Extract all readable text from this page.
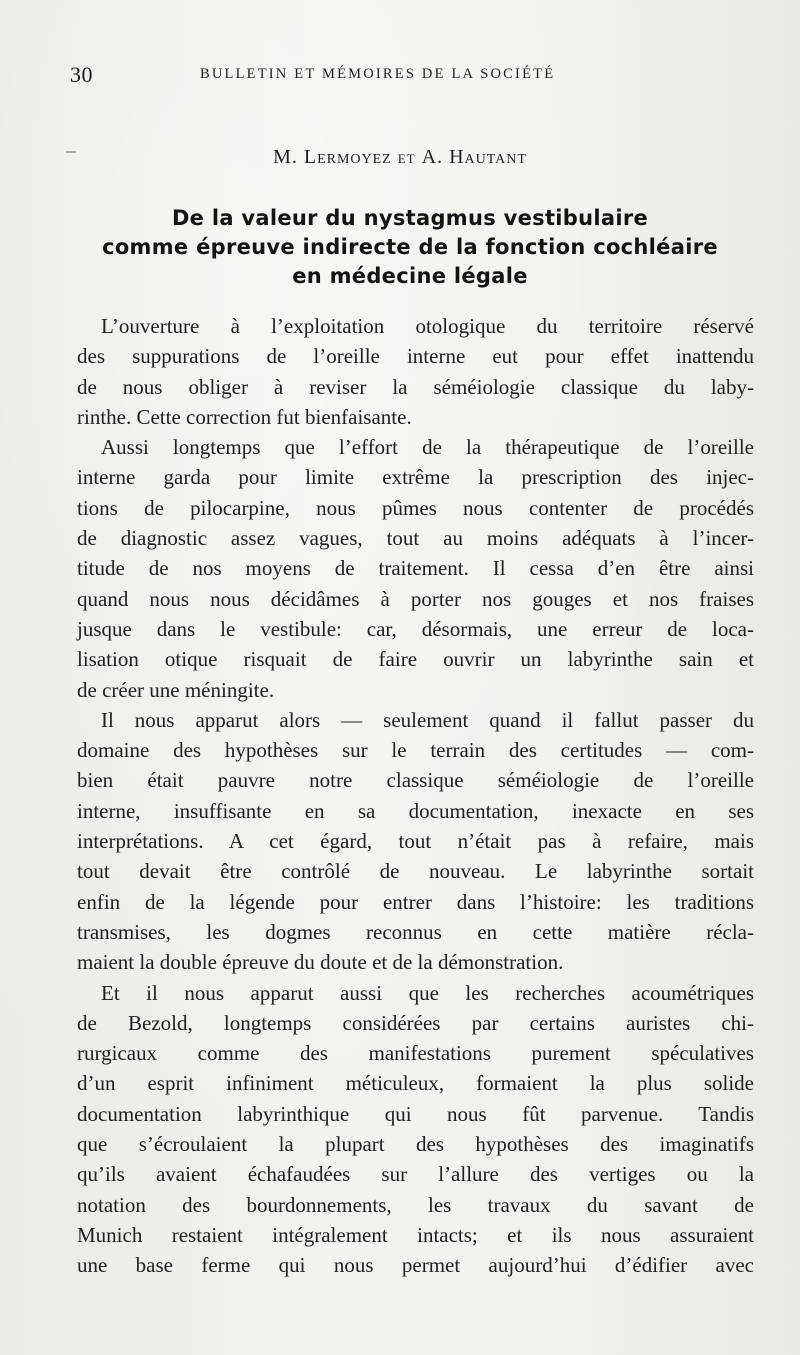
30	BULLETIN ET MÉMOIRES DE LA SOCIÉTÉ
M. Lermoyez et A. Hautant
De la valeur du nystagmus vestibulaire
comme épreuve indirecte de la fonction cochléaire
en médecine légale
L’ouverture à l’exploitation otologique du territoire réservé
des suppurations de l’oreille interne eut pour effet inattendu
de nous obliger à reviser la séméiologie classique du laby-
rinthe. Cette correction fut bienfaisante.
Aussi longtemps que l’effort de la thérapeutique de l’oreille
interne garda pour limite extrême la prescription des injec-
tions de pilocarpine, nous pûmes nous contenter de procédés
de diagnostic assez vagues, tout au moins adéquats à l’incer-
titude de nos moyens de traitement. Il cessa d’en être ainsi
quand nous nous décidâmes à porter nos gouges et nos fraises
jusque dans le vestibule: car, désormais, une erreur de loca-
lisation otique risquait de faire ouvrir un labyrinthe sain et
de créer une méningite.
Il nous apparut alors — seulement quand il fallut passer du
domaine des hypothèses sur le terrain des certitudes — com-
bien était pauvre notre classique séméiologie de l’oreille
interne, insuffisante en sa documentation, inexacte en ses
interprétations. A cet égard, tout n’était pas à refaire, mais
tout devait être contrôlé de nouveau. Le labyrinthe sortait
enfin de la légende pour entrer dans l’histoire: les traditions
transmises, les dogmes reconnus en cette matière récla-
maient la double épreuve du doute et de la démonstration.
Et il nous apparut aussi que les recherches acoumétriques
de Bezold, longtemps considérées par certains auristes chi-
rurgicaux comme des manifestations purement spéculatives
d’un esprit infiniment méticuleux, formaient la plus solide
documentation labyrinthique qui nous fût parvenue. Tandis
que s’écroulaient la plupart des hypothèses des imaginatifs
qu’ils avaient échafaudées sur l’allure des vertiges ou la
notation des bourdonnements, les travaux du savant de
Munich restaient intégralement intacts; et ils nous assuraient
une base ferme qui nous permet aujourd’hui d’édifier avec
